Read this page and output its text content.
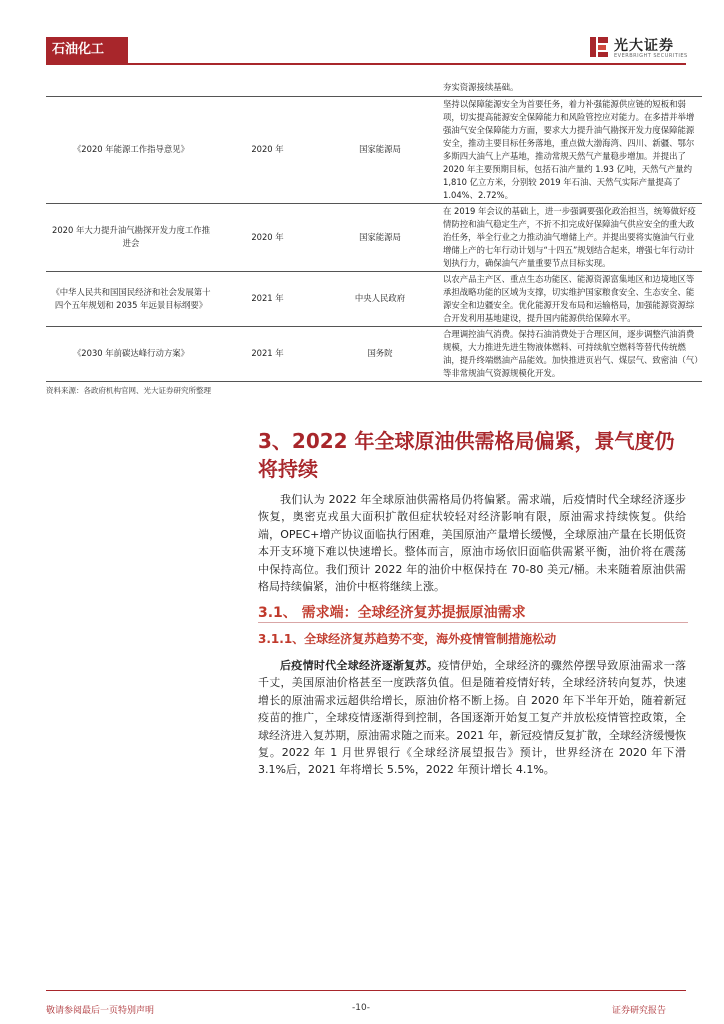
石油化工	光大证券
EVERBRIGHT SECURITIES
			夯实资源接续基础。
《2020 年能源工作指导意见》	2020 年	国家能源局	坚持以保障能源安全为首要任务，着力补强能源供应链的短板和弱项，切实提高能源安全保障能力和风险管控应对能力。在多措并举增强油气安全保障能力方面，要求大力提升油气勘探开发力度保障能源安全，推动主要目标任务落地，重点做大渤海湾、四川、新疆、鄂尔多斯四大油气上产基地，推动常规天然气产量稳步增加。并提出了 2020 年主要预期目标，包括石油产量约 1.93 亿吨，天然气产量约 1,810 亿立方米，分别较 2019 年石油、天然气实际产量提高了 1.04%、2.72%。
2020 年大力提升油气勘探开发力度工作推进会	2020 年	国家能源局	在 2019 年会议的基础上，进一步强调要强化政治担当，统筹做好疫情防控和油气稳定生产，不折不扣完成好保障油气供应安全的重大政治任务，举全行业之力推动油气增储上产。并提出要将实施油气行业增储上产的七年行动计划与“十四五”规划结合起来，增强七年行动计划执行力，确保油气产量重要节点目标实现。
《中华人民共和国国民经济和社会发展第十四个五年规划和 2035 年远景目标纲要》	2021 年	中央人民政府	以农产品主产区、重点生态功能区、能源资源富集地区和边境地区等承担战略功能的区域为支撑，切实维护国家粮食安全、生态安全、能源安全和边疆安全。优化能源开发布局和运输格局，加强能源资源综合开发利用基地建设，提升国内能源供给保障水平。
《2030 年前碳达峰行动方案》	2021 年	国务院	合理调控油气消费。保持石油消费处于合理区间，逐步调整汽油消费规模，大力推进先进生物液体燃料、可持续航空燃料等替代传统燃油，提升终端燃油产品能效。加快推进页岩气、煤层气、致密油（气）等非常规油气资源规模化开发。
资料来源：各政府机构官网、光大证券研究所整理
3、2022 年全球原油供需格局偏紧，景气度仍将持续

我们认为 2022 年全球原油供需格局仍将偏紧。需求端，后疫情时代全球经济逐步恢复，奥密克戎虽大面积扩散但症状较轻对经济影响有限，原油需求持续恢复。供给端，OPEC+增产协议面临执行困难，美国原油产量增长缓慢，全球原油产量在长期低资本开支环境下难以快速增长。整体而言，原油市场依旧面临供需紧平衡，油价将在震荡中保持高位。我们预计 2022 年的油价中枢保持在 70-80 美元/桶。未来随着原油供需格局持续偏紧，油价中枢将继续上涨。

3.1、 需求端：全球经济复苏提振原油需求
3.1.1、全球经济复苏趋势不变，海外疫情管制措施松动

后疫情时代全球经济逐渐复苏。疫情伊始，全球经济的骤然停摆导致原油需求一落千丈，美国原油价格甚至一度跌落负值。但是随着疫情好转，全球经济转向复苏，快速增长的原油需求远超供给增长，原油价格不断上扬。自 2020 年下半年开始，随着新冠疫苗的推广，全球疫情逐渐得到控制，各国逐渐开始复工复产并放松疫情管控政策，全球经济进入复苏期，原油需求随之而来。2021 年，新冠疫情反复扩散，全球经济缓慢恢复。2022 年 1 月世界银行《全球经济展望报告》预计，世界经济在 2020 年下滑 3.1%后，2021 年将增长 5.5%，2022 年预计增长 4.1%。

敬请参阅最后一页特别声明	-10-	证券研究报告
